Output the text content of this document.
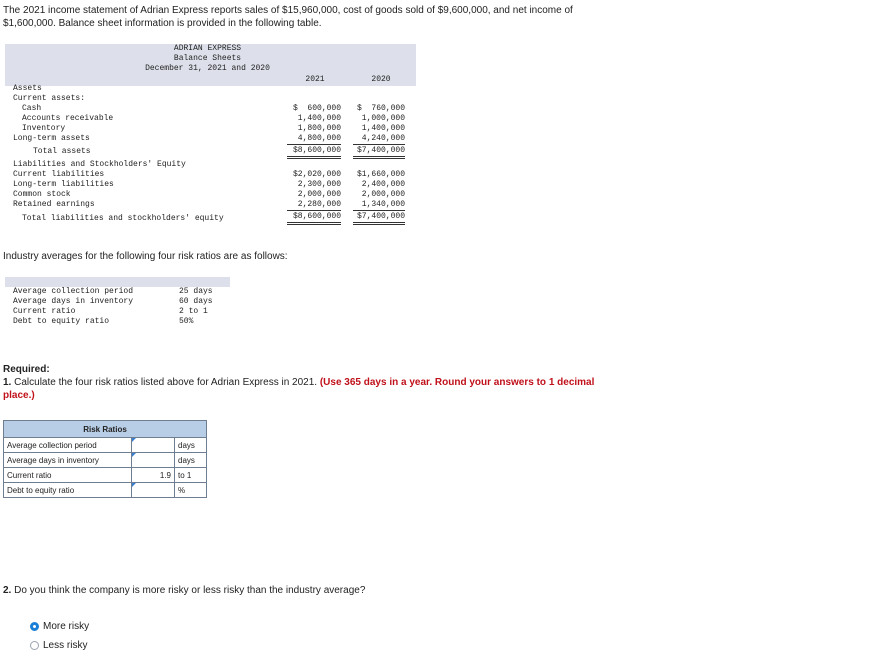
The 2021 income statement of Adrian Express reports sales of $15,960,000, cost of goods sold of $9,600,000, and net income of $1,600,000. Balance sheet information is provided in the following table.
ADRIAN EXPRESS
Balance Sheets
December 31, 2021 and 2020
2021	2020
Assets
Current assets:
Cash	$  600,000	$  760,000
Accounts receivable	1,400,000	1,000,000
Inventory	1,800,000	1,400,000
Long-term assets	4,800,000	4,240,000
Total assets	$8,600,000	$7,400,000
Liabilities and Stockholders' Equity
Current liabilities	$2,020,000	$1,660,000
Long-term liabilities	2,300,000	2,400,000
Common stock	2,000,000	2,000,000
Retained earnings	2,280,000	1,340,000
Total liabilities and stockholders' equity	$8,600,000	$7,400,000
Industry averages for the following four risk ratios are as follows:
Average collection period	25 days
Average days in inventory	60 days
Current ratio	2 to 1
Debt to equity ratio	50%
Required:
1. Calculate the four risk ratios listed above for Adrian Express in 2021. (Use 365 days in a year. Round your answers to 1 decimal place.)
Risk Ratios		
Average collection period		days
Average days in inventory		days
Current ratio	1.9	to 1
Debt to equity ratio		%
2. Do you think the company is more risky or less risky than the industry average?
More risky
Less risky
